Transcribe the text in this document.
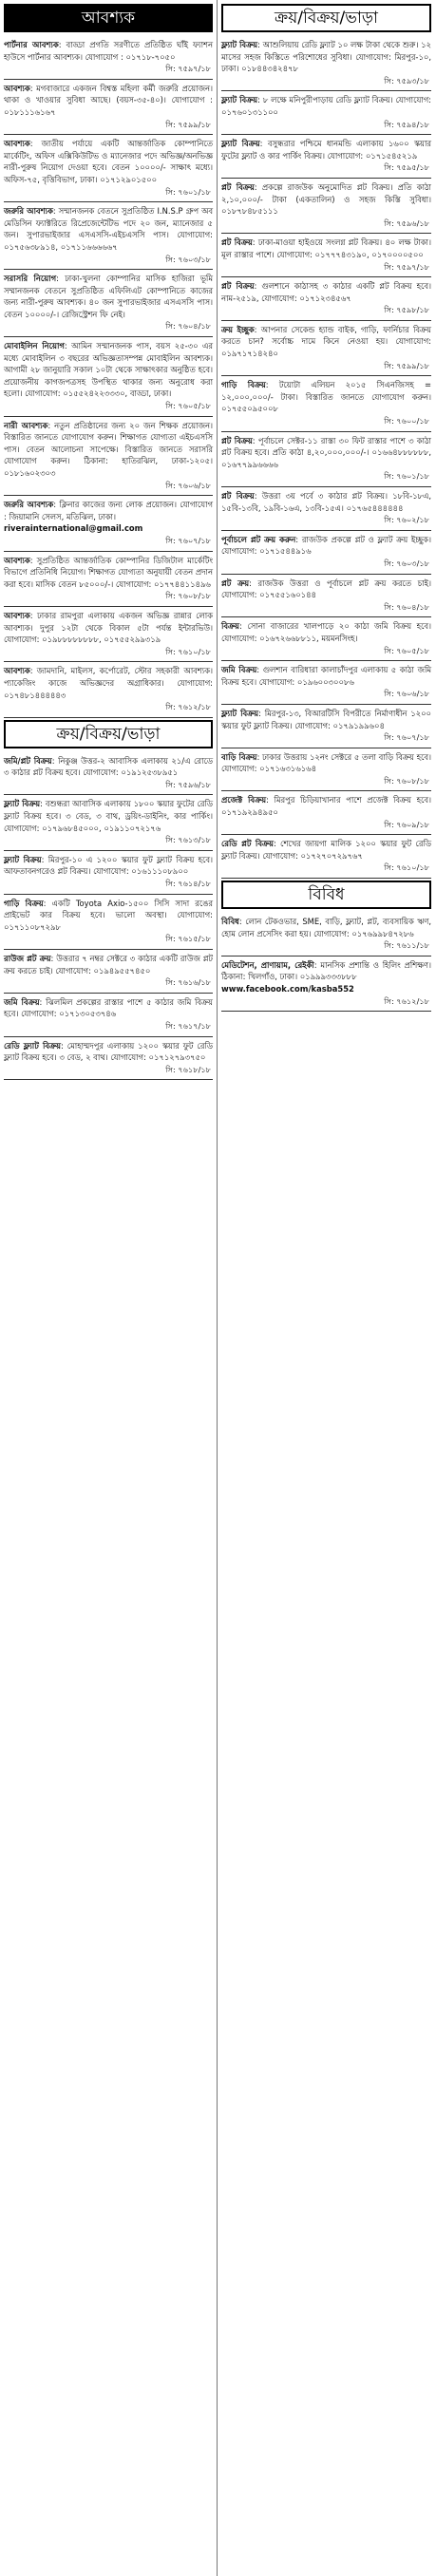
আবশ্যক
পার্টনার আবশ্যক: বাড্ডা প্রগতি সরণীতে প্রতিষ্ঠিত ঘাঁই ফ্যাশন হাউসে পার্টনার আবশ্যক। যোগাযোগ : ০১৭১৮-৭০৫০
সি: ৭৫৯৭/১৮
আবশ্যক: মগবাজারে একজন বিশ্বস্ত মহিলা কর্মী জরুরি প্রয়োজন। থাকা ও খাওয়ার সুবিধা আছে। (বয়স-৩৫-৪০)। যোগাযোগ : ০১৮১১১৬১৬৭
সি: ৭৫৯৯/১৮
আবশ্যক: জাতীয় পর্যায়ে একটি আন্তর্জাতিক কোম্পানিতে মার্কেটিং, অফিস এক্সিকিউটিভ ও ম্যানেজার পদে অভিজ্ঞ/অনভিজ্ঞ নারী-পুরুষ নিয়োগ দেওয়া হবে। বেতন ১০০০০/- সাক্ষাৎ মধ্যে। অফিস-৭৫, বৃত্তিবিভাগ, ঢাকা। ০১৭১২৯০১৫০০
সি: ৭৬০১/১৮
জরুরি আবশ্যক: সম্মানজনক বেতনে সুপ্রতিষ্ঠিত I.N.S.P গ্রুপ অব মেডিসিন ফ্যাক্টরিতে রিপ্রেজেন্টেটিভ পদে ২০ জন, ম্যানেজার ৫ জন। সুপারভাইজার এসএসসি-এইচএসসি পাস। যোগাযোগ: ০১৭৫৬৩৮৯১৪, ০১৭১১৬৬৬৬৬৭
সি: ৭৬০৩/১৮
সরাসরি নিয়োগ: ঢাকা-খুলনা কোম্পানির মাসিক হাজিরা ভূমি সম্মানজনক বেতনে সুপ্রতিষ্ঠিত এফিলিএট কোম্পানিতে কাজের জন্য নারী-পুরুষ আবশ্যক। ৪০ জন সুপারভাইজার এসএসসি পাস। বেতন ১০০০০/-। রেজিস্ট্রেশন ফি নেই।
সি: ৭৬০৪/১৮
মোবাইলিন নিয়োগ: আমিন সম্মানজনক পাস, বয়স ২৫-৩০ এর মধ্যে মোবাইলিন ৩ বছরের অভিজ্ঞতাসম্পন্ন মোবাইলিন আবশ্যক। আগামী ২৮ জানুয়ারি সকাল ১০টা থেকে সাক্ষাৎকার অনুষ্ঠিত হবে। প্রয়োজনীয় কাগজপত্রসহ উপস্থিত থাকার জন্য অনুরোধ করা হলো। যোগাযোগ: ০১৫৫২৪২২৩৩৩০, বাড্ডা, ঢাকা।
সি: ৭৬০৫/১৮
নারী আবশ্যক: নতুন প্রতিষ্ঠানের জন্য ২০ জন শিক্ষক প্রয়োজন। বিস্তারিত জানতে যোগাযোগ করুন। শিক্ষাগত যোগ্যতা এইচএসসি পাস। বেতন আলোচনা সাপেক্ষে। বিস্তারিত জানতে সরাসরি যোগাযোগ করুন। ঠিকানা: হাতিরঝিল, ঢাকা-১২০৫। ০১৮১৬০২৩০৩
সি: ৭৬০৬/১৮
জরুরি আবশ্যক: ক্লিনার কাজের জন্য লোক প্রয়োজন। যোগাযোগ : জিয়ামানি সেলস, মতিঝিল, ঢাকা।
riverainternational@gmail.com
সি: ৭৬০৭/১৮
আবশ্যক: সুপ্রতিষ্ঠিত আন্তর্জাতিক কোম্পানির ডিজিটাল মার্কেটিং বিভাগে প্রতিনিধি নিয়োগ। শিক্ষাগত যোগ্যতা অনুযায়ী বেতন প্রদান করা হবে। মাসিক বেতন ৮৫০০০/-। যোগাযোগ: ০১৭৭৪৪১১৪৯৬
সি: ৭৬০৮/১৮
আবশ্যক: ঢাকার রামপুরা এলাকায় একজন অভিজ্ঞ রান্নার লোক আবশ্যক। দুপুর ১২টা থেকে বিকাল ৫টা পর্যন্ত ইন্টারভিউ। যোগাযোগ: ০১৯৮৮৮৮৮৮৮৮, ০১৭৫৫২৯৯৩১৯
সি: ৭৬১০/১৮
আবশ্যক: জামদানি, মাইলস, কর্পোরেট, স্টোর সহকারী আবশ্যক। প্যাকেজিং কাজে অভিজ্ঞদের অগ্রাধিকার। যোগাযোগ: ০১৭৪৮১৪৪৪৪৪৩
সি: ৭৬১২/১৮
ক্রয়/বিক্রয়/ভাড়া
জমি/প্লট বিক্রয়: নিকুঞ্জ উত্তর-২ আবাসিক এলাকায় ২১/এ রোডে ৩ কাঠার প্লট বিক্রয় হবে। যোগাযোগ: ০১৯১২৫৩৮৯৫১
সি: ৭৫৯৬/১৮
ফ্ল্যাট বিক্রয়: বশুন্ধরা আবাসিক এলাকায় ১৮০০ স্কয়ার ফুটের রেডি ফ্ল্যাট বিক্রয় হবে। ৩ বেড, ৩ বাথ, ড্রয়িং-ডাইনিং, কার পার্কিং। যোগাযোগ: ০১৭৯৬৮৪৫০০০, ০১৯১১০৭২১৭৬
সি: ৭৬১৩/১৮
ফ্ল্যাট বিক্রয়: মিরপুর-১০ এ ১২০০ স্কয়ার ফুট ফ্ল্যাট বিক্রয় হবে। আফতাবনগরেও প্লট বিক্রয়। যোগাযোগ: ০১৬১১১০৮৯০০
সি: ৭৬১৪/১৮
গাড়ি বিক্রয়: একটি Toyota Axio-১৫০০ সিসি সাদা রঙের প্রাইভেট কার বিক্রয় হবে। ভালো অবস্থা। যোগাযোগ: ০১৭১১০৮৭২৯৮
সি: ৭৬১৫/১৮
রাউজ প্লট ক্রয়: উত্তরার ৭ নম্বর সেক্টরে ৩ কাঠার একটি রাউজ প্লট ক্রয় করতে চাই। যোগাযোগ: ০১৯৪৯৫৫৭৪৫০
সি: ৭৬১৬/১৮
জমি বিক্রয়: ঝিলমিল প্রকল্পের রাস্তার পাশে ৫ কাঠার জমি বিক্রয় হবে। যোগাযোগ: ০১৭১৩০৫৩৭৪৬
সি: ৭৬১৭/১৮
রেডি ফ্ল্যাট বিক্রয়: মোহাম্মদপুর এলাকায় ১২০০ স্কয়ার ফুট রেডি ফ্ল্যাট বিক্রয় হবে। ৩ বেড, ২ বাথ। যোগাযোগ: ০১৭১২৭৯৩৭৫০
সি: ৭৬১৮/১৮
ক্রয়/বিক্রয়/ভাড়া
ফ্ল্যাট বিক্রয়: আশুলিয়ায় রেডি ফ্ল্যাট ১০ লক্ষ টাকা থেকে শুরু। ১২ মাসের সহজ কিস্তিতে পরিশোধের সুবিধা। যোগাযোগ: মিরপুর-১০, ঢাকা। ০১৮৪৪৩৪২৪৭৮
সি: ৭৫৯৩/১৮
ফ্ল্যাট বিক্রয়: ৮ লক্ষে মনিপুরীপাড়ায় রেডি ফ্ল্যাট বিক্রয়। যোগাযোগ: ০১৭৬০১৩১১০০
সি: ৭৫৯৪/১৮
ফ্ল্যাট বিক্রয়: বসুন্ধরার পশ্চিমে ধানমন্ডি এলাকায় ১৬০০ স্কয়ার ফুটের ফ্ল্যাট ও কার পার্কিং বিক্রয়। যোগাযোগ: ০১৭১৫৪৫২১৯
সি: ৭৫৯৫/১৮
প্লট বিক্রয়: প্রকল্পে রাজউক অনুমোদিত প্লট বিক্রয়। প্রতি কাঠা ২,১০,০০০/- টাকা (একতালিন) ও সহজ কিস্তি সুবিধা। ০১৮৭৮৪৮৫১১১
সি: ৭৫৯৬/১৮
প্লট বিক্রয়: ঢাকা-মাওয়া হাইওয়ে সংলগ্ন প্লট বিক্রয়। ৪০ লক্ষ টাকা। মূল রাস্তার পাশে। যোগাযোগ: ০১৭৭৭৪৩১৯০, ০১৭০০০০৫০০
সি: ৭৫৯৭/১৮
প্লট বিক্রয়: গুলশানে কাঠাসহ ৩ কাঠার একটি প্লট বিক্রয় হবে। নাম-২৫১৯, যোগাযোগ: ০১৭১২৩৪৫৬৭
সি: ৭৫৯৮/১৮
ক্রয় ইচ্ছুক: আপনার সেকেন্ড হ্যান্ড বাইক, গাড়ি, ফার্নিচার বিক্রয় করতে চান? সর্বোচ্চ দামে কিনে নেওয়া হয়। যোগাযোগ: ০১৯৭১৭১৪২৪০
সি: ৭৫৯৯/১৮
গাড়ি বিক্রয়: টয়োটা এলিয়ন ২০১৫ সিএনজিসহ = ১২,০০০,০০০/- টাকা। বিস্তারিত জানতে যোগাযোগ করুন। ০১৭৫৫০৯৫০০৮
সি: ৭৬০০/১৮
প্লট বিক্রয়: পূর্বাচলে সেক্টর-১১ রাস্তা ৩০ ফিট রাস্তার পাশে ৩ কাঠা প্লট বিক্রয় হবে। প্রতি কাঠা ৪,২০,০০০,০০০/-। ০১৬৬৪৮৮৮৮৮৮, ০১৬৭৭৯৯৬৬৬৬
সি: ৭৬০১/১৮
প্লট বিক্রয়: উত্তরা ৩য় পর্বে ৩ কাঠার প্লট বিক্রয়। ১৮বি-১৮এ, ১৫বি-১৩বি, ১৯বি-১৬এ, ১৩বি-১৫এ। ০১৭৬৫৪৪৪৪৪৪
সি: ৭৬০২/১৮
পূর্বাচলে প্লট ক্রয় করুন: রাজউক প্রকল্পে প্লট ও ফ্ল্যাট ক্রয় ইচ্ছুক। যোগাযোগ: ০১৭১৫৪৪৯১৬
সি: ৭৬০৩/১৮
প্লট ক্রয়: রাজউক উত্তরা ও পূর্বাচলে প্লট ক্রয় করতে চাই। যোগাযোগ: ০১৭৫৫১৬০১৪৪
সি: ৭৬০৪/১৮
বিক্রয়: সোনা বাজারের খালপাড়ে ২০ কাঠা জমি বিক্রয় হবে। যোগাযোগ: ০১৬৭২৬৬৮৮১১, ময়মনসিংহ।
সি: ৭৬০৫/১৮
জমি বিক্রয়: গুলশান বারিধারা কালাচাঁদপুর এলাকায় ৫ কাঠা জমি বিক্রয় হবে। যোগাযোগ: ০১৯৬০০৩০০৮৬
সি: ৭৬০৬/১৮
ফ্ল্যাট বিক্রয়: মিরপুর-১৩, বিআরটিসি বিপরীতে নির্মাণাধীন ১২০০ স্কয়ার ফুট ফ্ল্যাট বিক্রয়। যোগাযোগ: ০১৭৯১৯৯৬০৪
সি: ৭৬০৭/১৮
বাড়ি বিক্রয়: ঢাকার উত্তরায় ১২নং সেক্টরে ৫ তলা বাড়ি বিক্রয় হবে। যোগাযোগ: ০১৭১৬৩১৬১৬৪
সি: ৭৬০৮/১৮
প্রজেক্ট বিক্রয়: মিরপুর চিড়িয়াখানার পাশে প্রজেক্ট বিক্রয় হবে। ০১৭১৯২৯৪৯৫০
সি: ৭৬০৯/১৮
রেডি প্লট বিক্রয়: শেখের জায়গা মালিক ১২০০ স্কয়ার ফুট রেডি ফ্ল্যাট বিক্রয়। যোগাযোগ: ০১৭২৭০৭২৯৭৬৭
সি: ৭৬১০/১৮
বিবিধ
বিবিধ: লোন টেকওভার, SME, বাড়ি, ফ্ল্যাট, প্লট, ব্যবসায়িক ঋণ, হোম লোন প্রসেসিং করা হয়। যোগাযোগ: ০১৭৬৯৯৮৪৭২৮৬
সি: ৭৬১১/১৮
মেডিটেশন, প্রাণায়াম, রেইকী: মানসিক প্রশান্তি ও হিলিং প্রশিক্ষণ। ঠিকানা: খিলগাঁও, ঢাকা। ০১৯৯৯৩৩৩৮৮৮
www.facebook.com/kasba552
সি: ৭৬১২/১৮
